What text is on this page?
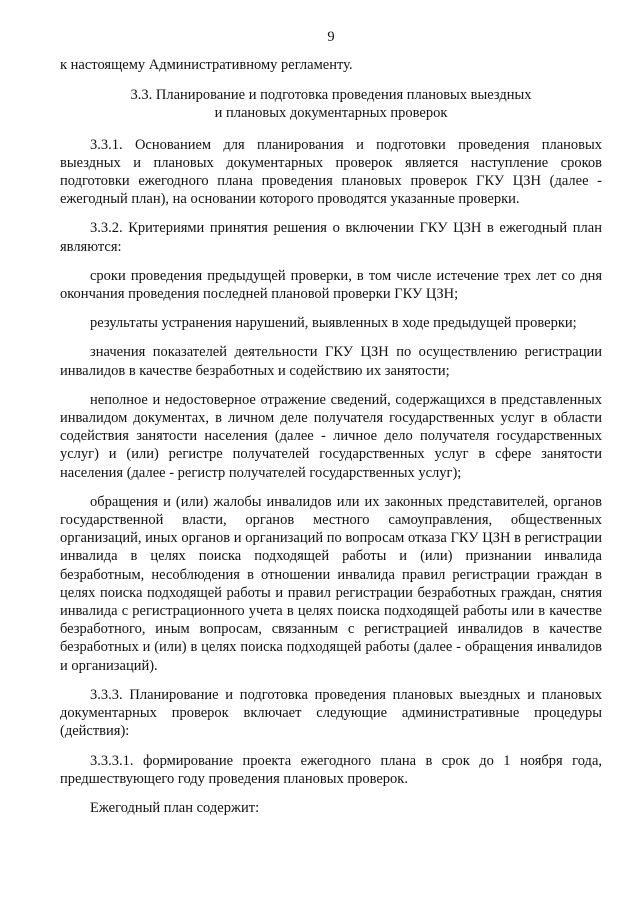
9

к настоящему Административному регламенту.

3.3. Планирование и подготовка проведения плановых выездных
и плановых документарных проверок

3.3.1. Основанием для планирования и подготовки проведения плановых выездных и плановых документарных проверок является наступление сроков подготовки ежегодного плана проведения плановых проверок ГКУ ЦЗН (далее - ежегодный план), на основании которого проводятся указанные проверки.

3.3.2. Критериями принятия решения о включении ГКУ ЦЗН в ежегодный план являются:

сроки проведения предыдущей проверки, в том числе истечение трех лет со дня окончания проведения последней плановой проверки ГКУ ЦЗН;

результаты устранения нарушений, выявленных в ходе предыдущей проверки;

значения показателей деятельности ГКУ ЦЗН по осуществлению регистрации инвалидов в качестве безработных и содействию их занятости;

неполное и недостоверное отражение сведений, содержащихся в представленных инвалидом документах, в личном деле получателя государственных услуг в области содействия занятости населения (далее - личное дело получателя государственных услуг) и (или) регистре получателей государственных услуг в сфере занятости населения (далее - регистр получателей государственных услуг);

обращения и (или) жалобы инвалидов или их законных представителей, органов государственной власти, органов местного самоуправления, общественных организаций, иных органов и организаций по вопросам отказа ГКУ ЦЗН в регистрации инвалида в целях поиска подходящей работы и (или) признании инвалида безработным, несоблюдения в отношении инвалида правил регистрации граждан в целях поиска подходящей работы и правил регистрации безработных граждан, снятия инвалида с регистрационного учета в целях поиска подходящей работы или в качестве безработного, иным вопросам, связанным с регистрацией инвалидов в качестве безработных и (или) в целях поиска подходящей работы (далее - обращения инвалидов и организаций).

3.3.3. Планирование и подготовка проведения плановых выездных и плановых документарных проверок включает следующие административные процедуры (действия):

3.3.3.1. формирование проекта ежегодного плана в срок до 1 ноября года, предшествующего году проведения плановых проверок.

Ежегодный план содержит:
